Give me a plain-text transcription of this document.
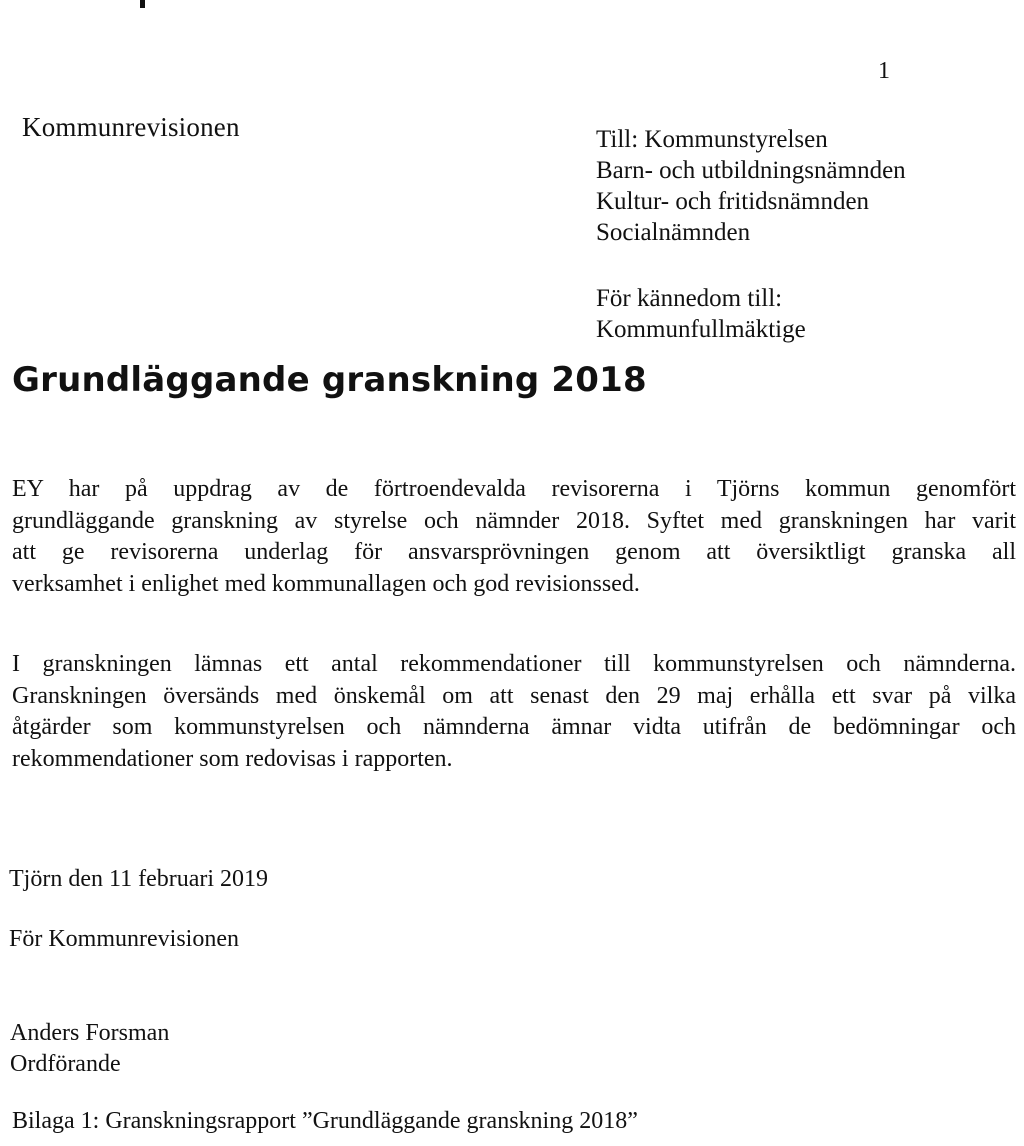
1
Kommunrevisionen	Till: Kommunstyrelsen
Barn- och utbildningsnämnden
Kultur- och fritidsnämnden
Socialnämnden
För kännedom till:
Kommunfullmäktige
Grundläggande granskning 2018
EY har på uppdrag av de förtroendevalda revisorerna i Tjörns kommun genomfört
grundläggande granskning av styrelse och nämnder 2018. Syftet med granskningen har varit
att ge revisorerna underlag för ansvarsprövningen genom att översiktligt granska all
verksamhet i enlighet med kommunallagen och god revisionssed.
I granskningen lämnas ett antal rekommendationer till kommunstyrelsen och nämnderna.
Granskningen översänds med önskemål om att senast den 29 maj erhålla ett svar på vilka
åtgärder som kommunstyrelsen och nämnderna ämnar vidta utifrån de bedömningar och
rekommendationer som redovisas i rapporten.
Tjörn den 11 februari 2019
För Kommunrevisionen
Anders Forsman
Ordförande
Bilaga 1: Granskningsrapport ”Grundläggande granskning 2018”
